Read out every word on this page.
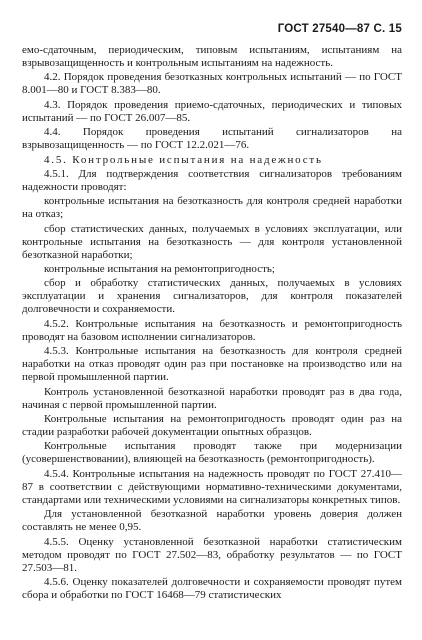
ГОСТ 27540—87 С. 15

емо-сдаточным, периодическим, типовым испытаниям, испытаниям на взрывозащищенность и контрольным испытаниям на надежность.

4.2. Порядок проведения безотказных контрольных испытаний — по ГОСТ 8.001—80 и ГОСТ 8.383—80.

4.3. Порядок проведения приемо-сдаточных, периодических и типовых испытаний — по ГОСТ 26.007—85.

4.4. Порядок проведения испытаний сигнализаторов на взрывозащищенность — по ГОСТ 12.2.021—76.

4.5. Контрольные испытания на надежность

4.5.1. Для подтверждения соответствия сигнализаторов требованиям надежности проводят:

контрольные испытания на безотказность для контроля средней наработки на отказ;

сбор статистических данных, получаемых в условиях эксплуатации, или контрольные испытания на безотказность — для контроля установленной безотказной наработки;

контрольные испытания на ремонтопригодность;

сбор и обработку статистических данных, получаемых в условиях эксплуатации и хранения сигнализаторов, для контроля показателей долговечности и сохраняемости.

4.5.2. Контрольные испытания на безотказность и ремонтопригодность проводят на базовом исполнении сигнализаторов.

4.5.3. Контрольные испытания на безотказность для контроля средней наработки на отказ проводят один раз при постановке на производство или на первой промышленной партии.

Контроль установленной безотказной наработки проводят раз в два года, начиная с первой промышленной партии.

Контрольные испытания на ремонтопригодность проводят один раз на стадии разработки рабочей документации опытных образцов.

Контрольные испытания проводят также при модернизации (усовершенствовании), влияющей на безотказность (ремонтопригодность).

4.5.4. Контрольные испытания на надежность проводят по ГОСТ 27.410—87 в соответствии с действующими нормативно-техническими документами, стандартами или техническими условиями на сигнализаторы конкретных типов.

Для установленной безотказной наработки уровень доверия должен составлять не менее 0,95.

4.5.5. Оценку установленной безотказной наработки статистическим методом проводят по ГОСТ 27.502—83, обработку результатов — по ГОСТ 27.503—81.

4.5.6. Оценку показателей долговечности и сохраняемости проводят путем сбора и обработки по ГОСТ 16468—79 статистических
